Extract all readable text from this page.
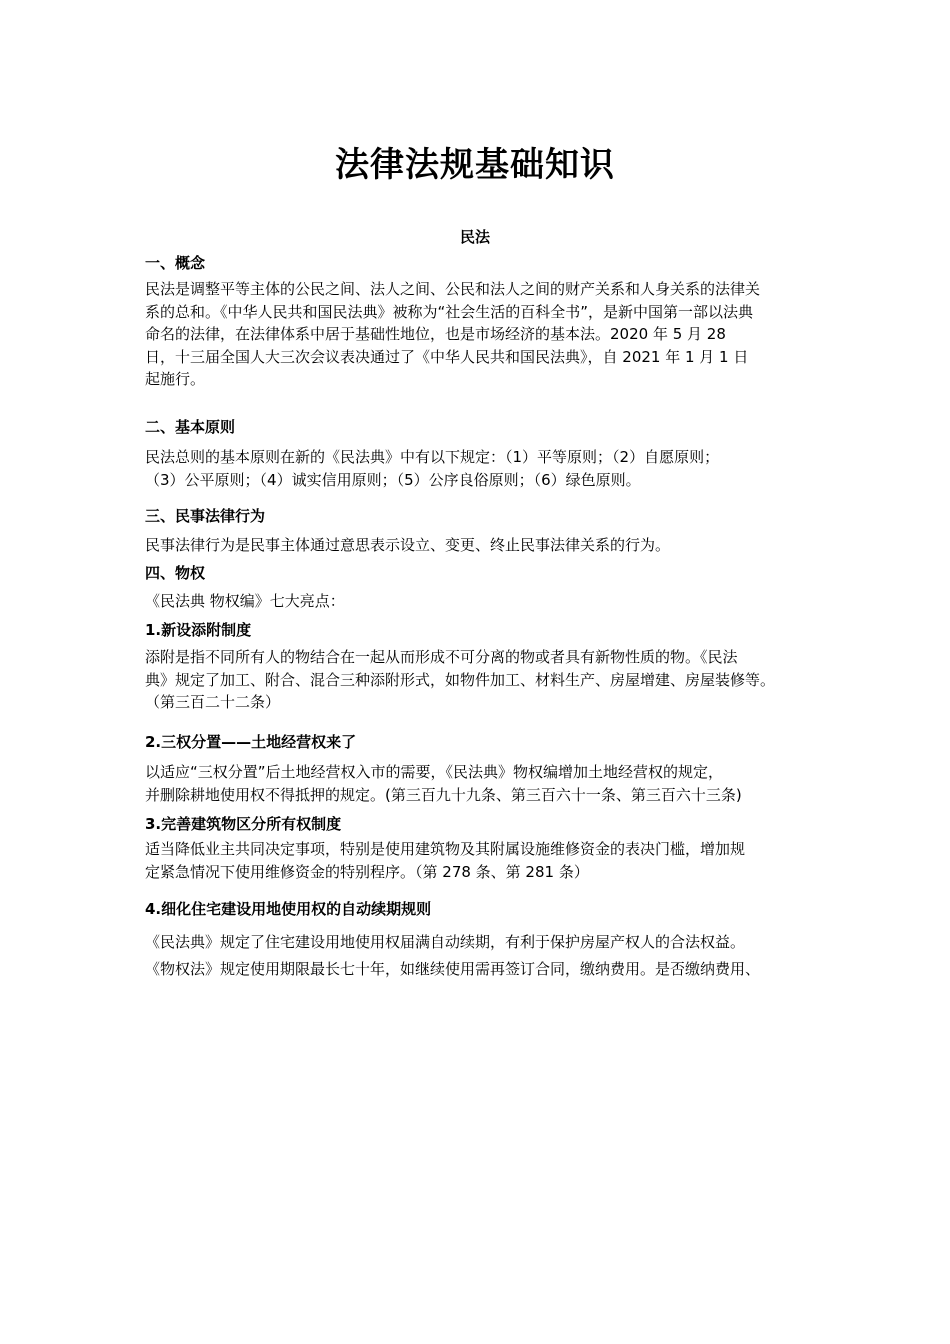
法律法规基础知识
民法
一、概念
民法是调整平等主体的公民之间、法人之间、公民和法人之间的财产关系和人身关系的法律关
系的总和。《中华人民共和国民法典》被称为“社会生活的百科全书”，是新中国第一部以法典
命名的法律，在法律体系中居于基础性地位，也是市场经济的基本法。2020 年 5 月 28
日，十三届全国人大三次会议表决通过了《中华人民共和国民法典》，自 2021 年 1 月 1 日
起施行。
二、基本原则
民法总则的基本原则在新的《民法典》中有以下规定：（1）平等原则；（2）自愿原则；
（3）公平原则；（4）诚实信用原则；（5）公序良俗原则；（6）绿色原则。
三、民事法律行为
民事法律行为是民事主体通过意思表示设立、变更、终止民事法律关系的行为。
四、物权
《民法典 物权编》七大亮点：
1.新设添附制度
添附是指不同所有人的物结合在一起从而形成不可分离的物或者具有新物性质的物。《民法
典》规定了加工、附合、混合三种添附形式，如物件加工、材料生产、房屋增建、房屋装修等。
（第三百二十二条）
2.三权分置——土地经营权来了
以适应“三权分置”后土地经营权入市的需要，《民法典》物权编增加土地经营权的规定，
并删除耕地使用权不得抵押的规定。(第三百九十九条、第三百六十一条、第三百六十三条)
3.完善建筑物区分所有权制度
适当降低业主共同决定事项，特别是使用建筑物及其附属设施维修资金的表决门槛，增加规
定紧急情况下使用维修资金的特别程序。（第 278 条、第 281 条）
4.细化住宅建设用地使用权的自动续期规则
《民法典》规定了住宅建设用地使用权届满自动续期，有利于保护房屋产权人的合法权益。
《物权法》规定使用期限最长七十年，如继续使用需再签订合同，缴纳费用。是否缴纳费用、
